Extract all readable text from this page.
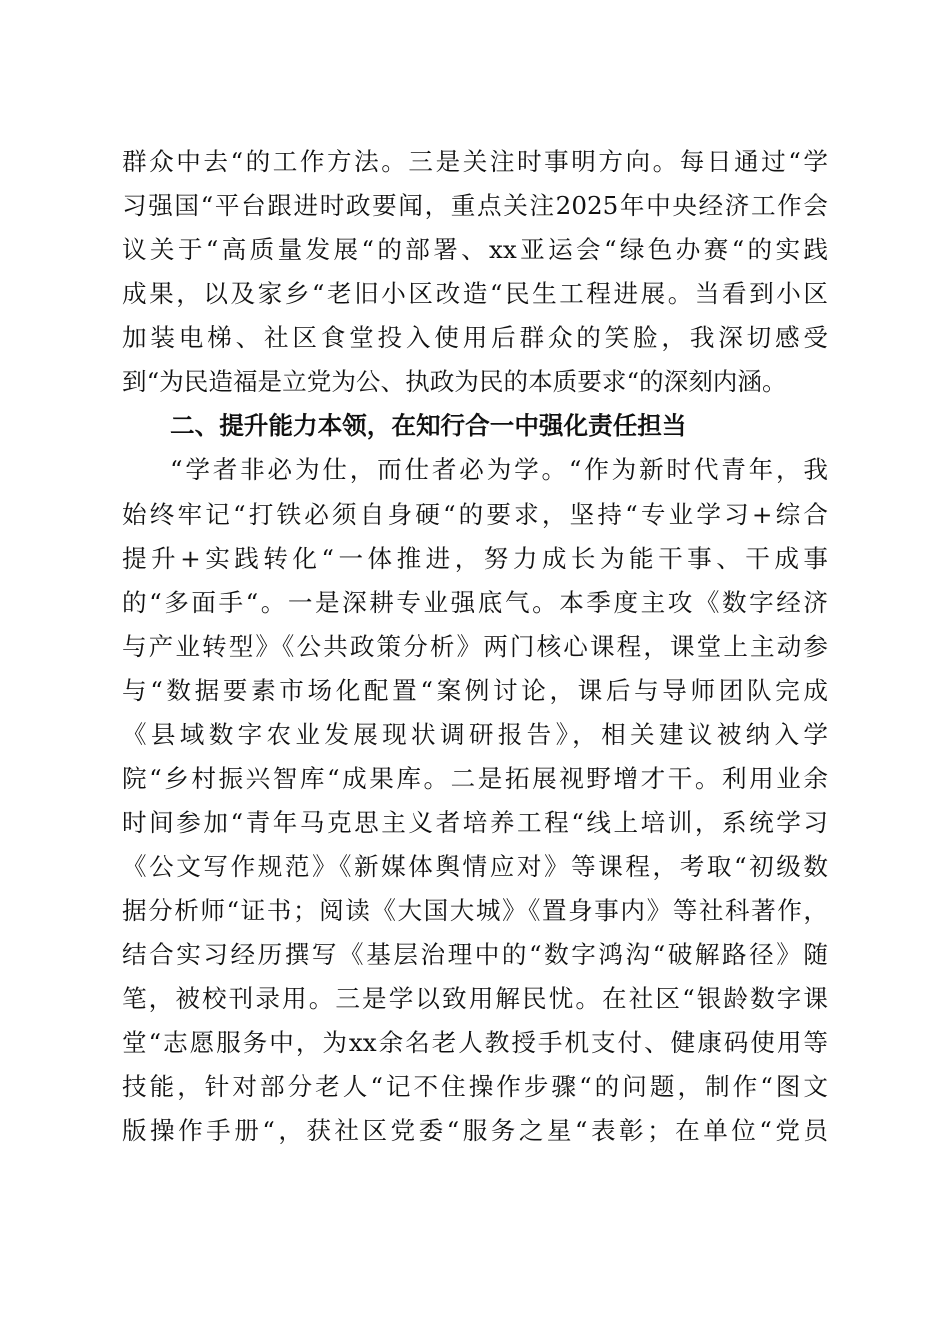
群众中去“的工作方法。三是关注时事明方向。每日通过“学
习强国“平台跟进时政要闻，重点关注2025年中央经济工作会
议关于“高质量发展“的部署、xx亚运会“绿色办赛“的实践
成果，以及家乡“老旧小区改造“民生工程进展。当看到小区
加装电梯、社区食堂投入使用后群众的笑脸，我深切感受
到“为民造福是立党为公、执政为民的本质要求“的深刻内涵。
二、提升能力本领，在知行合一中强化责任担当
“学者非必为仕，而仕者必为学。“作为新时代青年，我
始终牢记“打铁必须自身硬“的要求，坚持“专业学习+综合
提升+实践转化“一体推进，努力成长为能干事、干成事
的“多面手“。一是深耕专业强底气。本季度主攻《数字经济
与产业转型》《公共政策分析》两门核心课程，课堂上主动参
与“数据要素市场化配置“案例讨论，课后与导师团队完成
《县域数字农业发展现状调研报告》，相关建议被纳入学
院“乡村振兴智库“成果库。二是拓展视野增才干。利用业余
时间参加“青年马克思主义者培养工程“线上培训，系统学习
《公文写作规范》《新媒体舆情应对》等课程，考取“初级数
据分析师“证书；阅读《大国大城》《置身事内》等社科著作，
结合实习经历撰写《基层治理中的“数字鸿沟“破解路径》随
笔，被校刊录用。三是学以致用解民忧。在社区“银龄数字课
堂“志愿服务中，为xx余名老人教授手机支付、健康码使用等
技能，针对部分老人“记不住操作步骤“的问题，制作“图文
版操作手册“，获社区党委“服务之星“表彰；在单位“党员
